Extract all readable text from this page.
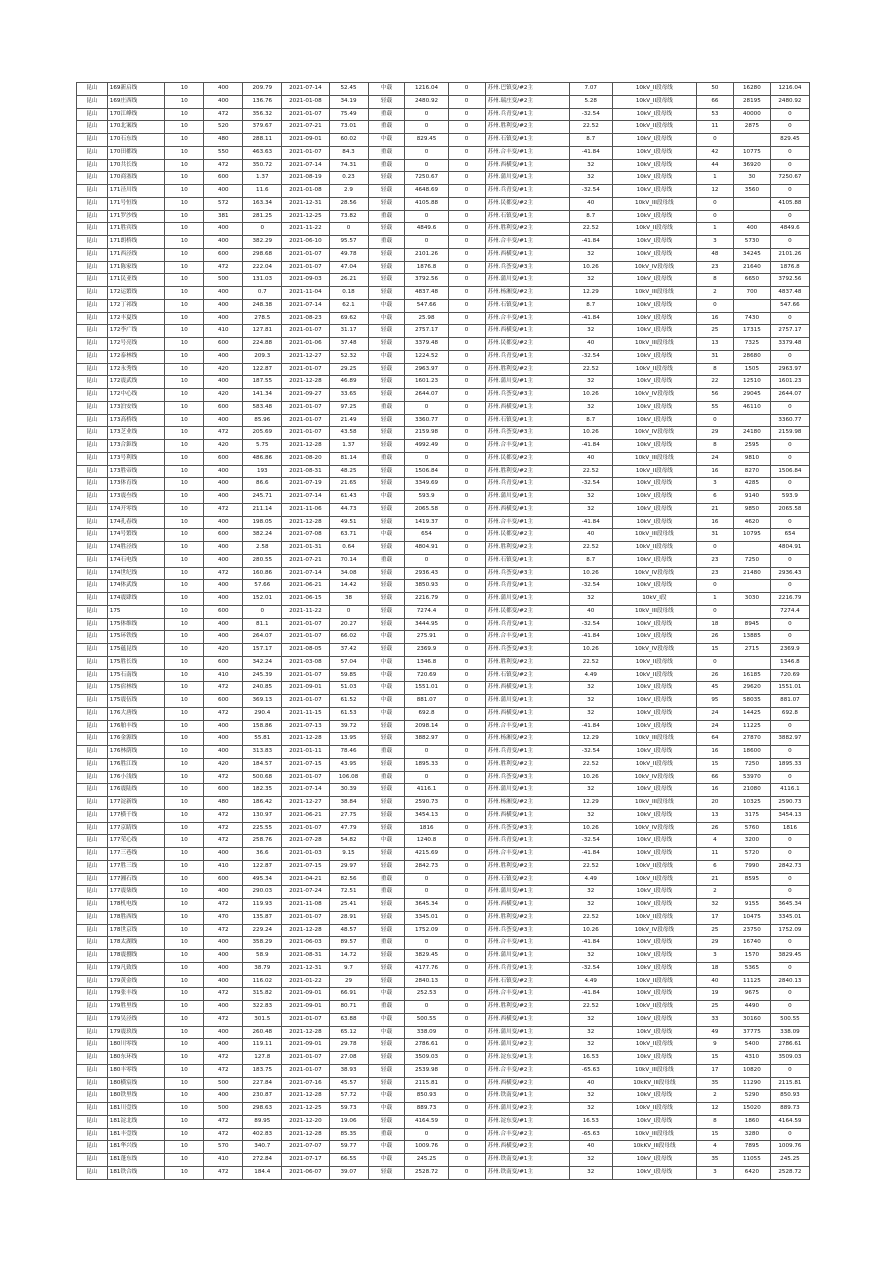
昆山	169新启线	10	400	209.79	2021-07-14	52.45	中载	1216.04	0	苏州.巴镇变/#2主	7.07	10kV_II段母线	50	16280	1216.04
昆山	169庄西线	10	400	136.76	2021-01-08	34.19	轻载	2480.92	0	苏州.瑞庄变/#2主	5.28	10kV_II段母线	66	28195	2480.92
昆山	170江峰线	10	472	356.32	2021-01-07	75.49	重载	0	0	苏州.兵青变/#1主	-32.54	10kV_I段母线	53	40000	0
昆山	170北案线	10	520	379.67	2021-07-21	73.01	重载	0	0	苏州.胜利变/#2主	22.52	10kV_II段母线	11	2875	0
昆山	170石东线	10	480	288.11	2021-09-01	60.02	中载	829.45	0	苏州.石镇变/#1主	8.7	10kV_I段母线	0		829.45
昆山	170田都线	10	550	463.63	2021-01-07	84.3	重载	0	0	苏州.合丰变/#1主	-41.84	10kV_I段母线	42	10775	0
昆山	170共长线	10	472	350.72	2021-07-14	74.31	重载	0	0	苏州.西横变/#1主	32	10kV_I段母线	44	36920	0
昆山	170商塞线	10	600	1.37	2021-08-19	0.23	轻载	7250.67	0	苏州.蒲川变/#1主	32	10kV_I段母线	1	30	7250.67
昆山	171泾川线	10	400	11.6	2021-01-08	2.9	轻载	4648.69	0	苏州.兵青变/#1主	-32.54	10kV_I段母线	12	3560	0
昆山	171号恒线	10	572	163.34	2021-12-31	28.56	轻载	4105.88	0	苏州.民都变/#2主	40	10kV_III段母线	0		4105.88
昆山	171罗沙线	10	381	281.25	2021-12-25	73.82	重载	0	0	苏州.石镇变/#1主	8.7	10kV_I段母线	0		0
昆山	171胜宾线	10	400	0	2021-11-22	0	轻载	4849.6	0	苏州.胜利变/#2主	22.52	10kV_II段母线	1	400	4849.6
昆山	171朗桥线	10	400	382.29	2021-06-10	95.57	重载	0	0	苏州.合丰变/#1主	-41.84	10kV_I段母线	3	5730	0
昆山	171西泾线	10	600	298.68	2021-01-07	49.78	轻载	2101.26	0	苏州.西横变/#1主	32	10kV_I段母线	48	34245	2101.26
昆山	171陈家线	10	472	222.04	2021-01-07	47.04	轻载	1876.8	0	苏州.兵荟变/#3主	10.26	10kV_IV段母线	23	21640	1876.8
昆山	171民亚线	10	500	131.03	2021-09-03	26.21	轻载	3792.56	0	苏州.蒲川变/#1主	32	10kV_I段母线	8	6650	3792.56
昆山	172运繁线	10	400	0.7	2021-11-04	0.18	轻载	4837.48	0	苏州.杨湘变/#2主	12.29	10kV_III段母线	2	700	4837.48
昆山	172丁祁线	10	400	248.38	2021-07-14	62.1	中载	547.66	0	苏州.石镇变/#1主	8.7	10kV_I段母线	0		547.66
昆山	172丰夏线	10	400	278.5	2021-08-23	69.62	中载	25.98	0	苏州.合丰变/#1主	-41.84	10kV_I段母线	16	7430	0
昆山	172李广线	10	410	127.81	2021-01-07	31.17	轻载	2757.17	0	苏州.西横变/#1主	32	10kV_I段母线	25	17315	2757.17
昆山	172号亮线	10	600	224.88	2021-01-06	37.48	轻载	3379.48	0	苏州.民都变/#2主	40	10kV_III段母线	13	7325	3379.48
昆山	172泰林线	10	400	209.3	2021-12-27	52.32	中载	1224.52	0	苏州.兵青变/#1主	-32.54	10kV_I段母线	31	28680	0
昆山	172永秀线	10	420	122.87	2021-01-07	29.25	轻载	2963.97	0	苏州.胜利变/#2主	22.52	10kV_II段母线	8	1505	2963.97
昆山	172震武线	10	400	187.55	2021-12-28	46.89	轻载	1601.23	0	苏州.蒲川变/#1主	32	10kV_I段母线	22	12510	1601.23
昆山	172中心线	10	420	141.34	2021-09-27	33.65	轻载	2644.07	0	苏州.兵荟变/#3主	10.26	10kV_IV段母线	56	29045	2644.07
昆山	173泊安线	10	600	583.48	2021-01-07	97.25	重载	0	0	苏州.西横变/#1主	32	10kV_I段母线	55	46110	0
昆山	173高桥线	10	400	85.96	2021-01-07	21.49	轻载	3360.77	0	苏州.石镇变/#1主	8.7	10kV_I段母线	0		3360.77
昆山	173芝业线	10	472	205.69	2021-01-07	43.58	轻载	2159.98	0	苏州.兵荟变/#3主	10.26	10kV_IV段母线	29	24180	2159.98
昆山	173合鉅线	10	420	5.75	2021-12-28	1.37	轻载	4992.49	0	苏州.合丰变/#1主	-41.84	10kV_I段母线	8	2595	0
昆山	173号利线	10	600	486.86	2021-08-20	81.14	重载	0	0	苏州.民都变/#2主	40	10kV_III段母线	24	9810	0
昆山	173胜帝线	10	400	193	2021-08-31	48.25	轻载	1506.84	0	苏州.胜利变/#2主	22.52	10kV_II段母线	16	8270	1506.84
昆山	173体育线	10	400	86.6	2021-07-19	21.65	轻载	3349.69	0	苏州.兵青变/#1主	-32.54	10kV_I段母线	3	4285	0
昆山	173震叁线	10	400	245.71	2021-07-14	61.43	中载	593.9	0	苏州.蒲川变/#1主	32	10kV_I段母线	6	9140	593.9
昆山	174开零线	10	472	211.14	2021-11-06	44.73	轻载	2065.58	0	苏州.西横变/#1主	32	10kV_I段母线	21	9850	2065.58
昆山	174孔春线	10	400	198.05	2021-12-28	49.51	轻载	1419.37	0	苏州.合丰变/#1主	-41.84	10kV_I段母线	16	4620	0
昆山	174号繁线	10	600	382.24	2021-07-08	63.71	中载	654	0	苏州.民都变/#2主	40	10kV_III段母线	31	10795	654
昆山	174胜泾线	10	400	2.58	2021-01-31	0.64	轻载	4804.91	0	苏州.胜利变/#2主	22.52	10kV_II段母线	0		4804.91
昆山	174石电线	10	400	280.55	2021-07-21	70.14	重载	0	0	苏州.石镇变/#1主	8.7	10kV_I段母线	23	7250	0
昆山	174世纪线	10	472	160.86	2021-07-14	34.08	轻载	2936.43	0	苏州.兵荟变/#3主	10.26	10kV_IV段母线	23	21480	2936.43
昆山	174体武线	10	400	57.66	2021-06-21	14.42	轻载	3850.93	0	苏州.兵青变/#1主	-32.54	10kV_I段母线	0		0
昆山	174震肆线	10	400	152.01	2021-06-15	38	轻载	2216.79	0	苏州.蒲川变/#1主	32	10kV_I段	1	3030	2216.79
昆山	175	10	600	0	2021-11-22	0	轻载	7274.4	0	苏州.民都变/#2主	40	10kV_III段母线	0		7274.4
昆山	175体维线	10	400	81.1	2021-01-07	20.27	轻载	3444.95	0	苏州.兵青变/#1主	-32.54	10kV_I段母线	18	8945	0
昆山	175环铁线	10	400	264.07	2021-01-07	66.02	中载	275.91	0	苏州.合丰变/#1主	-41.84	10kV_I段母线	26	13885	0
昆山	175蕴昆线	10	420	157.17	2021-08-05	37.42	轻载	2369.9	0	苏州.兵荟变/#3主	10.26	10kV_IV段母线	15	2715	2369.9
昆山	175胜长线	10	600	342.24	2021-03-08	57.04	中载	1346.8	0	苏州.胜利变/#2主	22.52	10kV_II段母线	0		1346.8
昆山	175石南线	10	410	245.39	2021-01-07	59.85	中载	720.69	0	苏州.石镇变/#2主	4.49	10kV_II段母线	26	16185	720.69
昆山	175宿林线	10	472	240.85	2021-09-01	51.03	中载	1551.01	0	苏州.西横变/#1主	32	10kV_I段母线	45	29620	1551.01
昆山	175震伍线	10	600	369.13	2021-01-07	61.52	中载	881.07	0	苏州.蒲川变/#1主	32	10kV_I段母线	95	58035	881.07
昆山	176大唐线	10	472	290.4	2021-11-15	61.53	中载	692.8	0	苏州.西横变/#1主	32	10kV_I段母线	24	14425	692.8
昆山	176舶丰线	10	400	158.86	2021-07-13	39.72	轻载	2098.14	0	苏州.合丰变/#1主	-41.84	10kV_I段母线	24	11225	0
昆山	176金源线	10	400	55.81	2021-12-28	13.95	轻载	3882.97	0	苏州.杨湘变/#2主	12.29	10kV_III段母线	64	27870	3882.97
昆山	176林荫线	10	400	313.83	2021-01-11	78.46	重载	0	0	苏州.兵青变/#1主	-32.54	10kV_I段母线	16	18600	0
昆山	176胜江线	10	420	184.57	2021-07-15	43.95	轻载	1895.33	0	苏州.胜利变/#2主	22.52	10kV_II段母线	15	7250	1895.33
昆山	176小浅线	10	472	500.68	2021-01-07	106.08	重载	0	0	苏州.兵荟变/#3主	10.26	10kV_IV段母线	66	53970	0
昆山	176震陆线	10	600	182.35	2021-07-14	30.39	轻载	4116.1	0	苏州.蒲川变/#1主	32	10kV_I段母线	16	21080	4116.1
昆山	177淀新线	10	480	186.42	2021-12-27	38.84	轻载	2590.73	0	苏州.杨湘变/#2主	12.29	10kV_III段母线	20	10325	2590.73
昆山	177横千线	10	472	130.97	2021-06-21	27.75	轻载	3454.13	0	苏州.西横变/#1主	32	10kV_I段母线	13	3175	3454.13
昆山	177京睛线	10	472	225.55	2021-01-07	47.79	轻载	1816	0	苏州.兵荟变/#3主	10.26	10kV_IV段母线	26	5760	1816
昆山	177荣心线	10	472	258.76	2021-07-28	54.82	中载	1240.8	0	苏州.兵青变/#1主	-32.54	10kV_I段母线	4	3200	0
昆山	177三巷线	10	400	36.6	2021-01-03	9.15	轻载	4215.69	0	苏州.合丰变/#1主	-41.84	10kV_I段母线	11	5720	0
昆山	177胜三线	10	410	122.87	2021-07-15	29.97	轻载	2842.73	0	苏州.胜利变/#2主	22.52	10kV_II段母线	6	7990	2842.73
昆山	177湘石线	10	600	495.34	2021-04-21	82.56	重载	0	0	苏州.石镇变/#2主	4.49	10kV_II段母线	21	8595	0
昆山	177震柒线	10	400	290.03	2021-07-24	72.51	重载	0	0	苏州.蒲川变/#1主	32	10kV_I段母线	2		0
昆山	178机电线	10	472	119.93	2021-11-08	25.41	轻载	3645.34	0	苏州.西横变/#1主	32	10kV_I段母线	32	9155	3645.34
昆山	178胜西线	10	470	135.87	2021-01-07	28.91	轻载	3345.01	0	苏州.胜利变/#2主	22.52	10kV_II段母线	17	10475	3345.01
昆山	178世京线	10	472	229.24	2021-12-28	48.57	轻载	1752.09	0	苏州.兵荟变/#3主	10.26	10kV_IV段母线	25	23750	1752.09
昆山	178太湖线	10	400	358.29	2021-06-03	89.57	重载	0	0	苏州.合丰变/#1主	-41.84	10kV_I段母线	29	16740	0
昆山	178震捌线	10	400	58.9	2021-08-31	14.72	轻载	3829.45	0	苏州.蒲川变/#1主	32	10kV_I段母线	3	1570	3829.45
昆山	179凡致线	10	400	38.79	2021-12-31	9.7	轻载	4177.76	0	苏州.兵青变/#1主	-32.54	10kV_I段母线	18	5365	0
昆山	179黄金线	10	400	116.02	2021-01-22	29	轻载	2840.13	0	苏州.石镇变/#2主	4.49	10kV_II段母线	40	11125	2840.13
昆山	179张丰线	10	472	315.82	2021-09-01	66.91	中载	252.53	0	苏州.合丰变/#1主	-41.84	10kV_I段母线	19	9675	0
昆山	179胜里线	10	400	322.83	2021-09-01	80.71	重载	0	0	苏州.胜利变/#2主	22.52	10kV_II段母线	25	4490	0
昆山	179吴泾线	10	472	301.5	2021-01-07	63.88	中载	500.55	0	苏州.西横变/#1主	32	10kV_I段母线	33	30160	500.55
昆山	179震玖线	10	400	260.48	2021-12-28	65.12	中载	338.09	0	苏州.蒲川变/#1主	32	10kV_I段母线	49	37775	338.09
昆山	180川零线	10	400	119.11	2021-09-01	29.78	轻载	2786.61	0	苏州.蒲川变/#2主	32	10kV_II段母线	9	5400	2786.61
昆山	180东环线	10	472	127.8	2021-01-07	27.08	轻载	3509.03	0	苏州.淀东变/#1主	16.53	10kV_I段母线	15	4310	3509.03
昆山	180丰零线	10	472	183.75	2021-01-07	38.93	轻载	2539.98	0	苏州.合丰变/#2主	-65.63	10kV_III段母线	17	10820	0
昆山	180横宸线	10	500	227.84	2021-07-16	45.57	轻载	2115.81	0	苏州.西横变/#2主	40	10kKV_III段母线	35	11290	2115.81
昆山	180铁里线	10	400	230.87	2021-12-28	57.72	中载	850.93	0	苏州.铁南变/#1主	32	10kV_I段母线	2	5290	850.93
昆山	181川壹线	10	500	298.63	2021-12-25	59.73	中载	889.73	0	苏州.蒲川变/#2主	32	10kV_II段母线	12	15020	889.73
昆山	181淀北线	10	472	89.95	2021-12-20	19.06	轻载	4164.59	0	苏州.淀东变/#1主	16.53	10kV_I段母线	8	1860	4164.59
昆山	181丰壹线	10	472	402.83	2021-12-28	85.35	重载	0	0	苏州.合丰变/#2主	-65.63	10kV_III段母线	15	3280	0
昆山	181华兴线	10	570	340.7	2021-07-07	59.77	中载	1009.76	0	苏州.西横变/#2主	40	10kKV_III段母线	4	7895	1009.76
昆山	181蓬东线	10	410	272.84	2021-07-17	66.55	中载	245.25	0	苏州.铁南变/#1主	32	10kV_I段母线	35	11055	245.25
昆山	181铁合线	10	472	184.4	2021-06-07	39.07	轻载	2528.72	0	苏州.铁南变/#1主	32	10kV_I段母线	3	6420	2528.72
